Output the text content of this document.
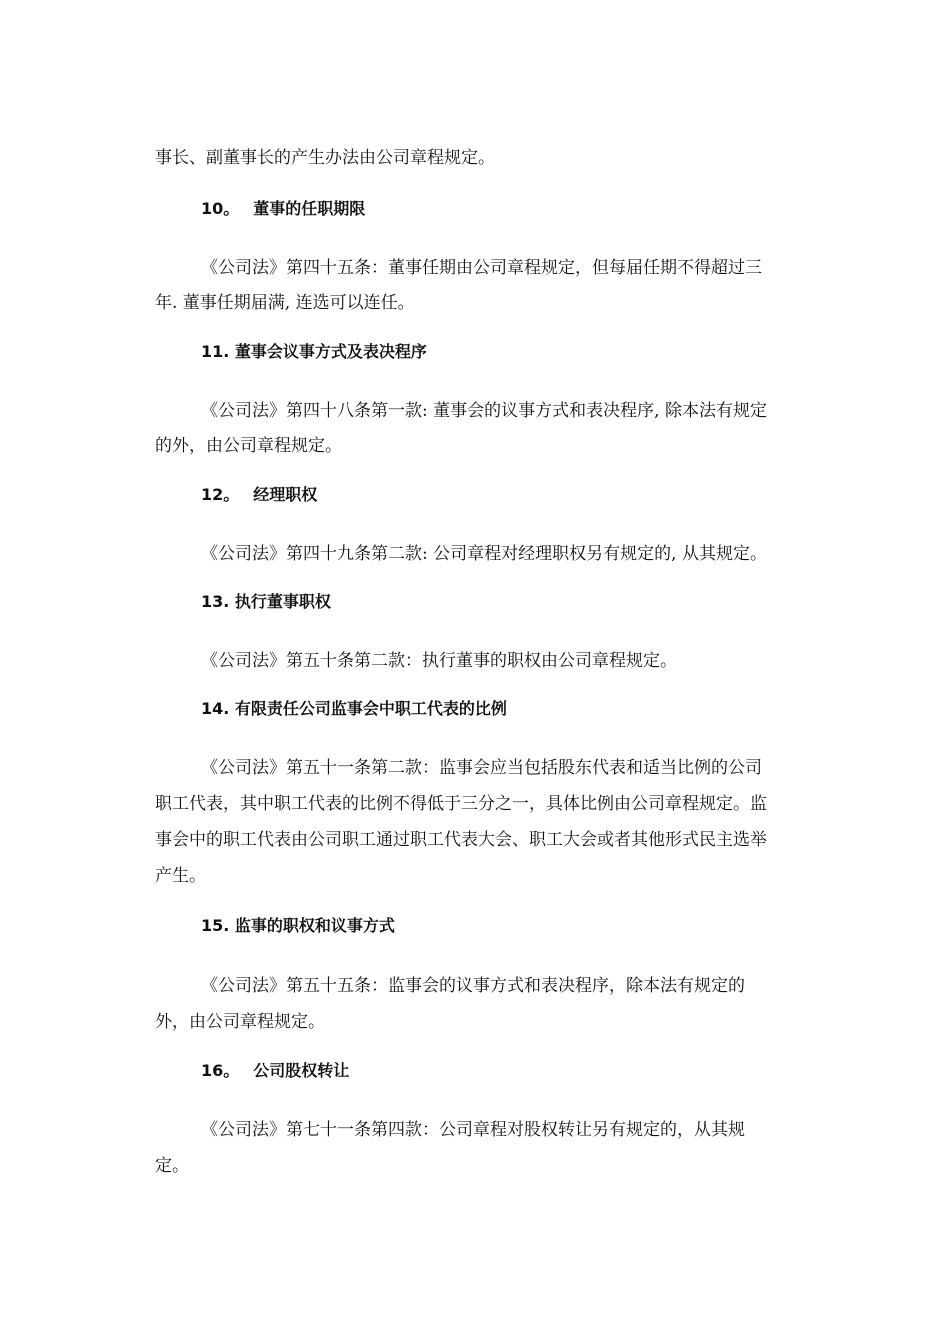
事长、副董事长的产生办法由公司章程规定。
10。 董事的任职期限
《公司法》第四十五条：董事任期由公司章程规定，但每届任期不得超过三
年. 董事任期届满, 连选可以连任。
11. 董事会议事方式及表决程序
《公司法》第四十八条第一款: 董事会的议事方式和表决程序, 除本法有规定
的外，由公司章程规定。
12。 经理职权
《公司法》第四十九条第二款: 公司章程对经理职权另有规定的, 从其规定。
13. 执行董事职权
《公司法》第五十条第二款：执行董事的职权由公司章程规定。
14. 有限责任公司监事会中职工代表的比例
《公司法》第五十一条第二款：监事会应当包括股东代表和适当比例的公司
职工代表，其中职工代表的比例不得低于三分之一，具体比例由公司章程规定。监
事会中的职工代表由公司职工通过职工代表大会、职工大会或者其他形式民主选举
产生。
15. 监事的职权和议事方式
《公司法》第五十五条：监事会的议事方式和表决程序，除本法有规定的
外，由公司章程规定。
16。 公司股权转让
《公司法》第七十一条第四款：公司章程对股权转让另有规定的，从其规
定。
